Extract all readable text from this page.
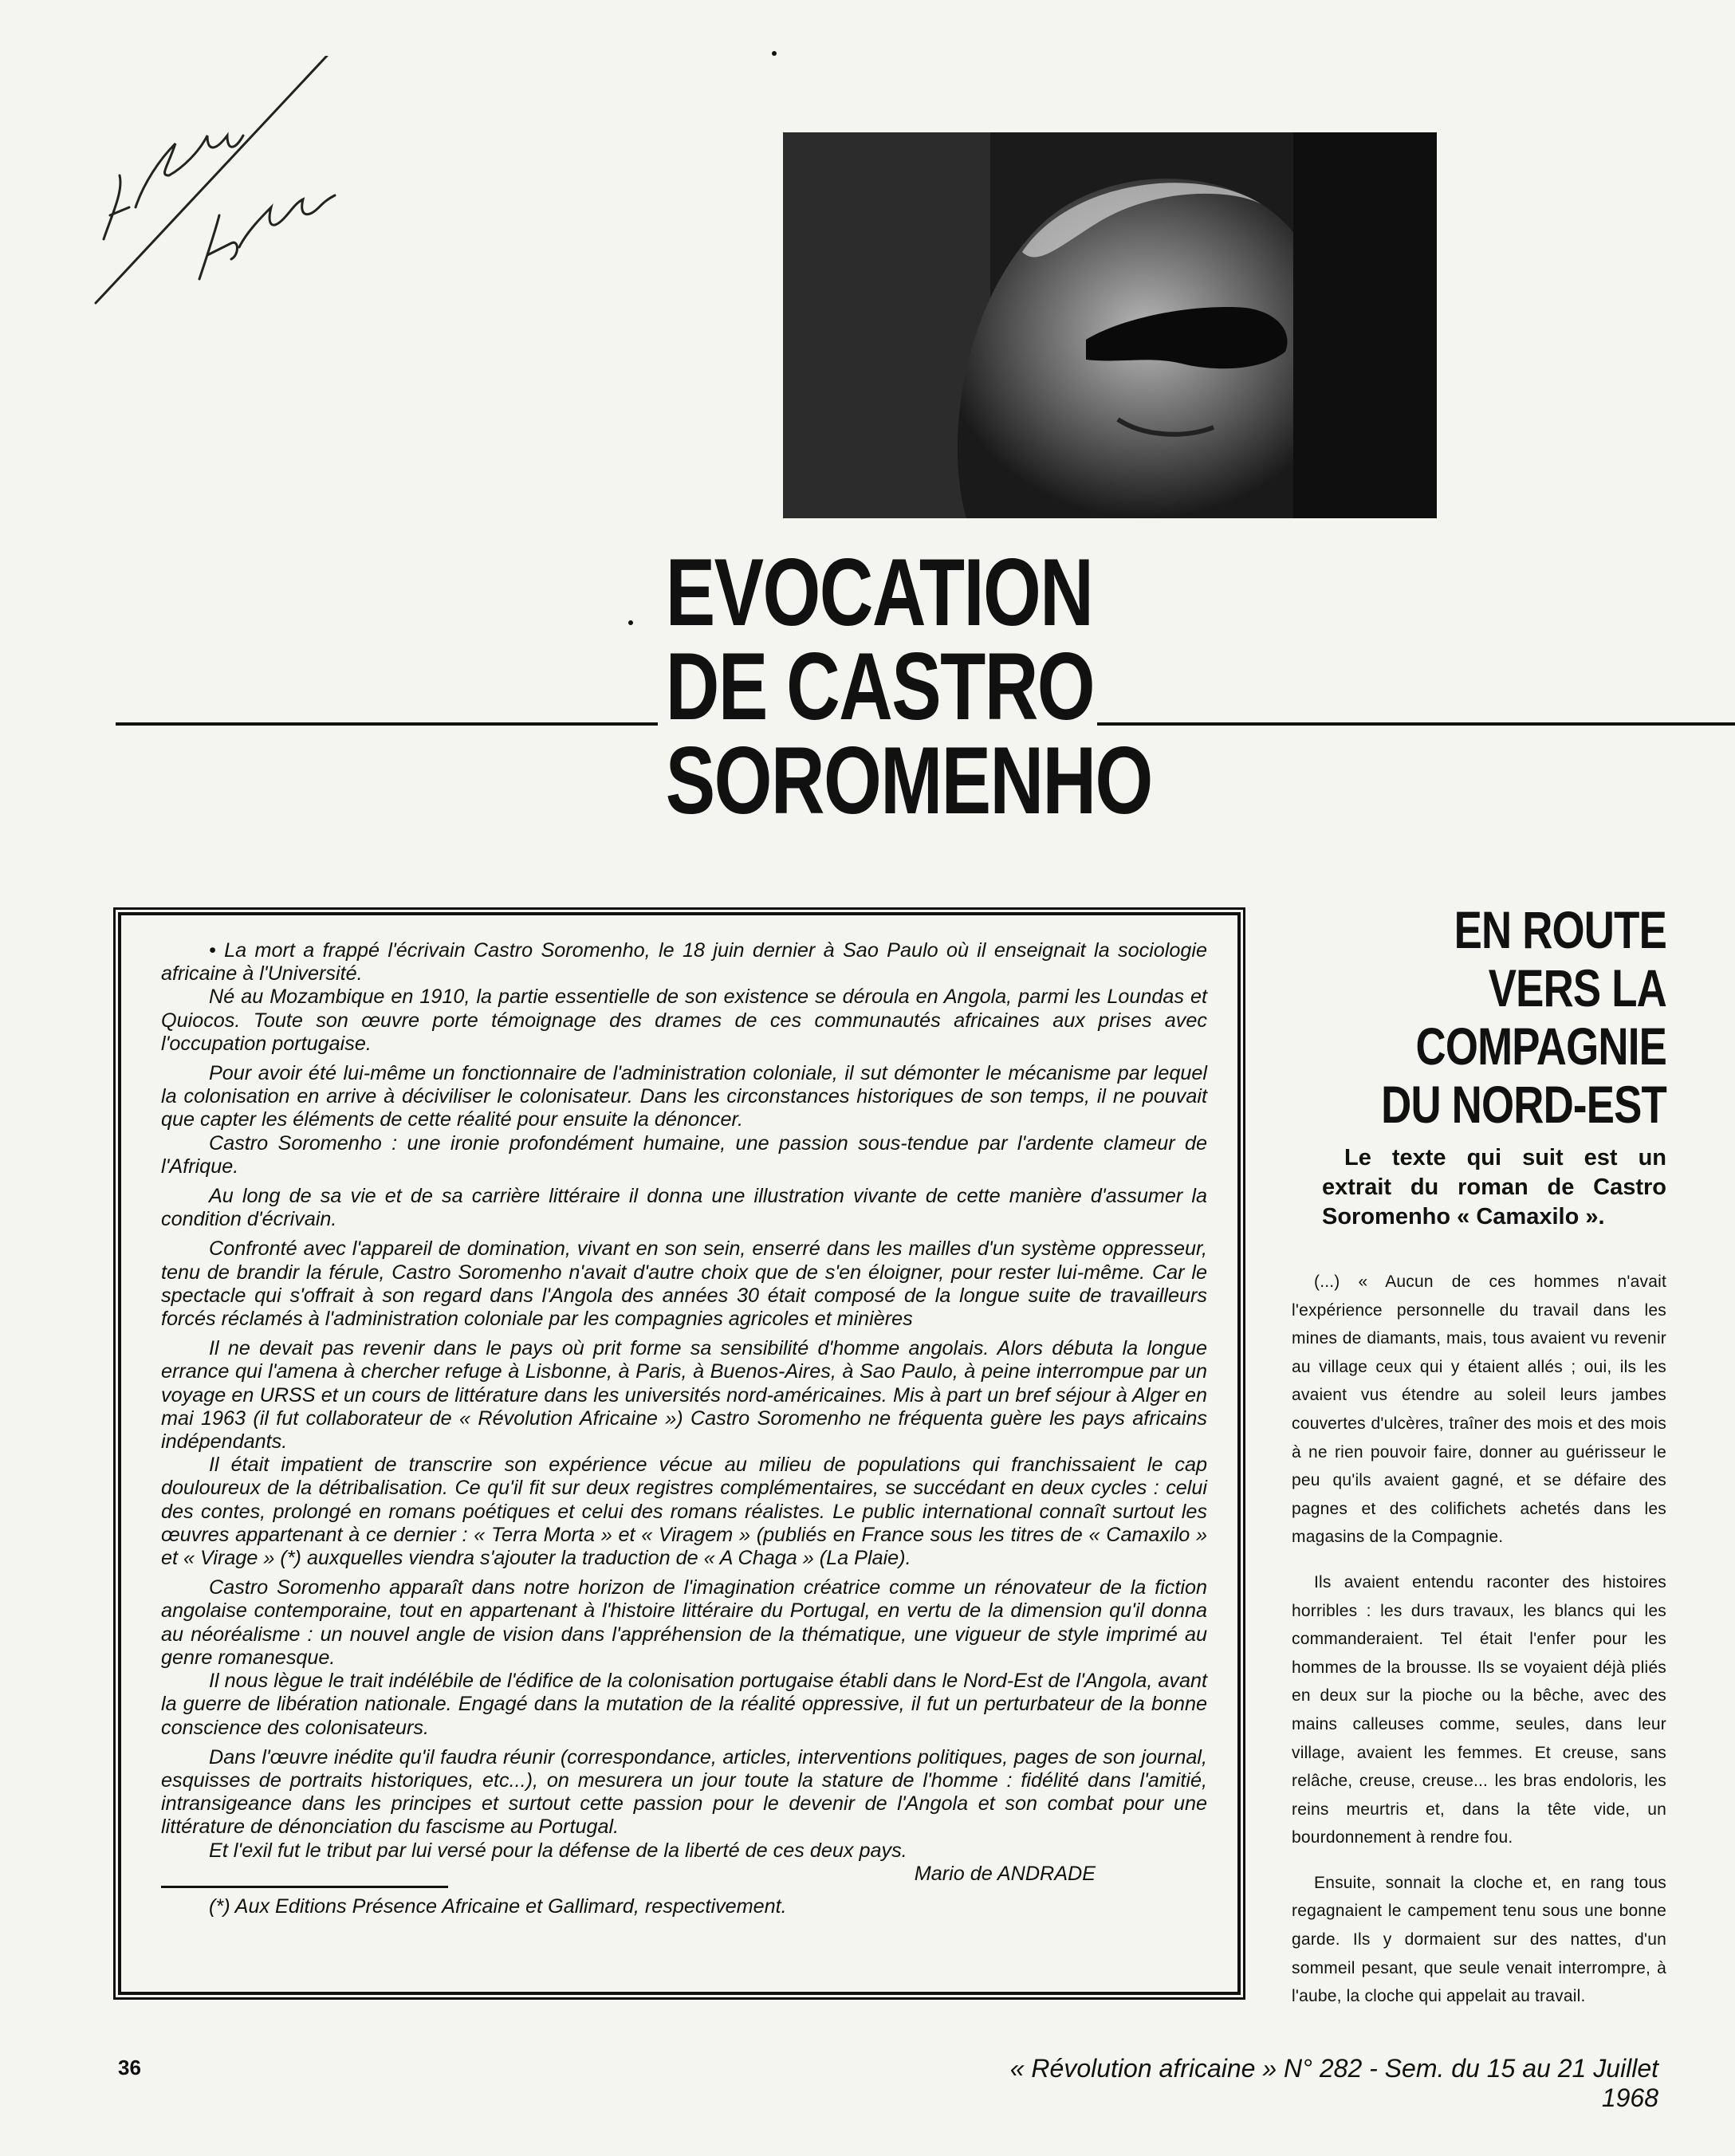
EVOCATION
DE CASTRO
SOROMENHO

• La mort a frappé l'écrivain Castro Soromenho, le 18 juin dernier à Sao Paulo où il enseignait la sociologie africaine à l'Université.

Né au Mozambique en 1910, la partie essentielle de son existence se déroula en Angola, parmi les Loundas et Quiocos. Toute son œuvre porte témoignage des drames de ces communautés africaines aux prises avec l'occupation portugaise.

Pour avoir été lui-même un fonctionnaire de l'administration coloniale, il sut démonter le mécanisme par lequel la colonisation en arrive à déciviliser le colonisateur. Dans les circonstances historiques de son temps, il ne pouvait que capter les éléments de cette réalité pour ensuite la dénoncer.

Castro Soromenho : une ironie profondément humaine, une passion sous-tendue par l'ardente clameur de l'Afrique.

Au long de sa vie et de sa carrière littéraire il donna une illustration vivante de cette manière d'assumer la condition d'écrivain.

Confronté avec l'appareil de domination, vivant en son sein, enserré dans les mailles d'un système oppresseur, tenu de brandir la férule, Castro Soromenho n'avait d'autre choix que de s'en éloigner, pour rester lui-même. Car le spectacle qui s'offrait à son regard dans l'Angola des années 30 était composé de la longue suite de travailleurs forcés réclamés à l'administration coloniale par les compagnies agricoles et minières

Il ne devait pas revenir dans le pays où prit forme sa sensibilité d'homme angolais. Alors débuta la longue errance qui l'amena à chercher refuge à Lisbonne, à Paris, à Buenos-Aires, à Sao Paulo, à peine interrompue par un voyage en URSS et un cours de littérature dans les universités nord-américaines. Mis à part un bref séjour à Alger en mai 1963 (il fut collaborateur de « Révolution Africaine ») Castro Soromenho ne fréquenta guère les pays africains indépendants.

Il était impatient de transcrire son expérience vécue au milieu de populations qui franchissaient le cap douloureux de la détribalisation. Ce qu'il fit sur deux registres complémentaires, se succédant en deux cycles : celui des contes, prolongé en romans poétiques et celui des romans réalistes. Le public international connaît surtout les œuvres appartenant à ce dernier : « Terra Morta » et « Viragem » (publiés en France sous les titres de « Camaxilo » et « Virage » (*) auxquelles viendra s'ajouter la traduction de « A Chaga » (La Plaie).

Castro Soromenho apparaît dans notre horizon de l'imagination créatrice comme un rénovateur de la fiction angolaise contemporaine, tout en appartenant à l'histoire littéraire du Portugal, en vertu de la dimension qu'il donna au néoréalisme : un nouvel angle de vision dans l'appréhension de la thématique, une vigueur de style imprimé au genre romanesque.

Il nous lègue le trait indélébile de l'édifice de la colonisation portugaise établi dans le Nord-Est de l'Angola, avant la guerre de libération nationale. Engagé dans la mutation de la réalité oppressive, il fut un perturbateur de la bonne conscience des colonisateurs.

Dans l'œuvre inédite qu'il faudra réunir (correspondance, articles, interventions politiques, pages de son journal, esquisses de portraits historiques, etc...), on mesurera un jour toute la stature de l'homme : fidélité dans l'amitié, intransigeance dans les principes et surtout cette passion pour le devenir de l'Angola et son combat pour une littérature de dénonciation du fascisme au Portugal.

Et l'exil fut le tribut par lui versé pour la défense de la liberté de ces deux pays.

Mario de ANDRADE
(*) Aux Editions Présence Africaine et Gallimard, respectivement.
EN ROUTE
VERS LA
COMPAGNIE
DU NORD-EST
Le texte qui suit est un extrait du roman de Castro Soromenho « Camaxilo ».

(...) « Aucun de ces hommes n'avait l'expérience personnelle du travail dans les mines de diamants, mais, tous avaient vu revenir au village ceux qui y étaient allés ; oui, ils les avaient vus étendre au soleil leurs jambes couvertes d'ulcères, traîner des mois et des mois à ne rien pouvoir faire, donner au guérisseur le peu qu'ils avaient gagné, et se défaire des pagnes et des colifichets achetés dans les magasins de la Compagnie.

Ils avaient entendu raconter des histoires horribles : les durs travaux, les blancs qui les commanderaient. Tel était l'enfer pour les hommes de la brousse. Ils se voyaient déjà pliés en deux sur la pioche ou la bêche, avec des mains calleuses comme, seules, dans leur village, avaient les femmes. Et creuse, sans relâche, creuse, creuse... les bras endoloris, les reins meurtris et, dans la tête vide, un bourdonnement à rendre fou.

Ensuite, sonnait la cloche et, en rang tous regagnaient le campement tenu sous une bonne garde. Ils y dormaient sur des nattes, d'un sommeil pesant, que seule venait interrompre, à l'aube, la cloche qui appelait au travail.

36	« Révolution africaine » N° 282 - Sem. du 15 au 21 Juillet 1968
